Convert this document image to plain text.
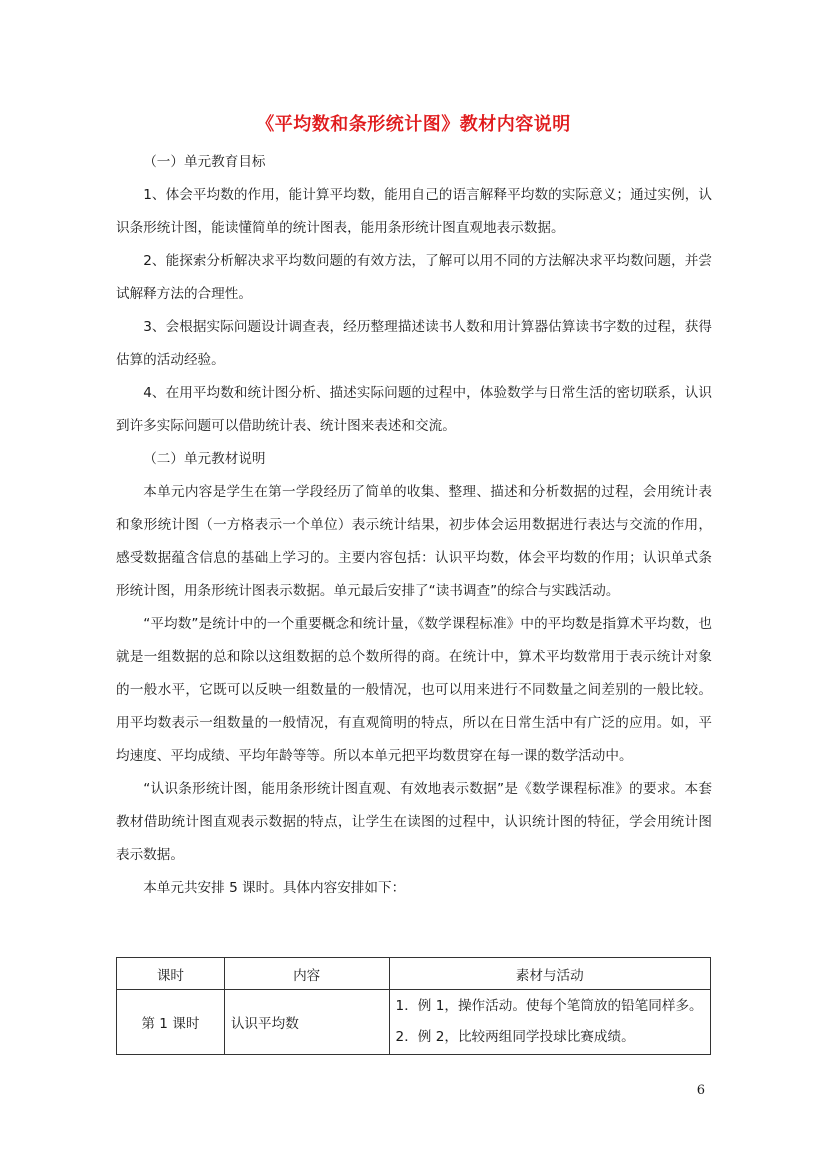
《平均数和条形统计图》教材内容说明

（一）单元教育目标

1、体会平均数的作用，能计算平均数，能用自己的语言解释平均数的实际意义；通过实例，认识条形统计图，能读懂简单的统计图表，能用条形统计图直观地表示数据。

2、能探索分析解决求平均数问题的有效方法，了解可以用不同的方法解决求平均数问题，并尝试解释方法的合理性。

3、会根据实际问题设计调查表，经历整理描述读书人数和用计算器估算读书字数的过程，获得估算的活动经验。

4、在用平均数和统计图分析、描述实际问题的过程中，体验数学与日常生活的密切联系，认识到许多实际问题可以借助统计表、统计图来表述和交流。

（二）单元教材说明

本单元内容是学生在第一学段经历了简单的收集、整理、描述和分析数据的过程，会用统计表和象形统计图（一方格表示一个单位）表示统计结果，初步体会运用数据进行表达与交流的作用，感受数据蕴含信息的基础上学习的。主要内容包括：认识平均数，体会平均数的作用；认识单式条形统计图，用条形统计图表示数据。单元最后安排了“读书调查”的综合与实践活动。

“平均数”是统计中的一个重要概念和统计量，《数学课程标准》中的平均数是指算术平均数，也就是一组数据的总和除以这组数据的总个数所得的商。在统计中，算术平均数常用于表示统计对象的一般水平，它既可以反映一组数量的一般情况，也可以用来进行不同数量之间差别的一般比较。用平均数表示一组数量的一般情况，有直观简明的特点，所以在日常生活中有广泛的应用。如，平均速度、平均成绩、平均年龄等等。所以本单元把平均数贯穿在每一课的数学活动中。

“认识条形统计图，能用条形统计图直观、有效地表示数据”是《数学课程标准》的要求。本套教材借助统计图直观表示数据的特点，让学生在读图的过程中，认识统计图的特征，学会用统计图表示数据。

本单元共安排 5 课时。具体内容安排如下：

课时	内容	素材与活动
第 1 课时	认识平均数	1．例 1，操作活动。使每个笔筒放的铅笔同样多。
2．例 2，比较两组同学投球比赛成绩。
6
